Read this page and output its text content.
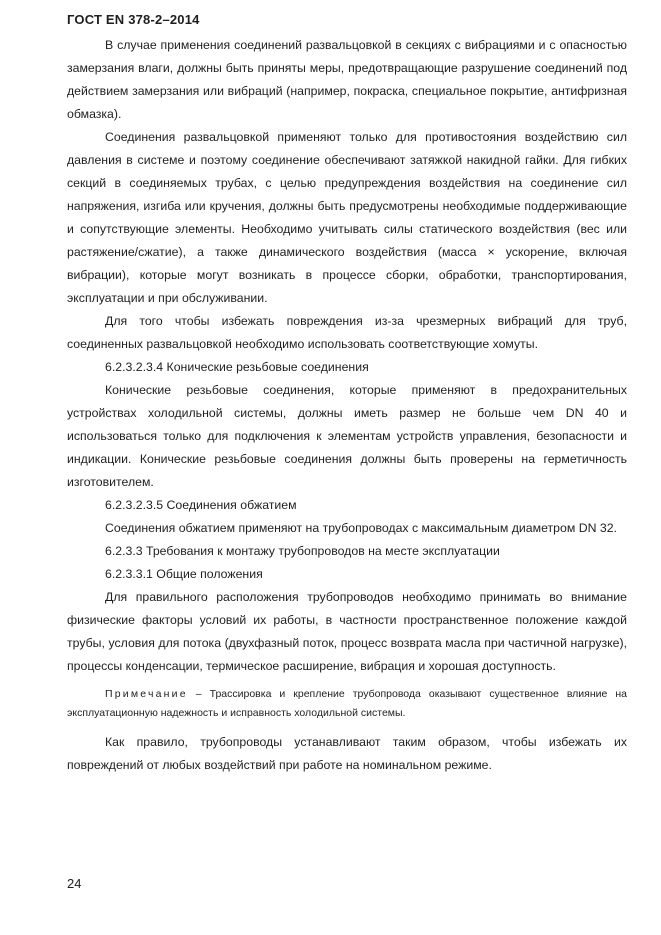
ГОСТ EN 378-2–2014

В случае применения соединений развальцовкой в секциях с вибрациями и с опасностью замерзания влаги, должны быть приняты меры, предотвращающие разрушение соединений под действием замерзания или вибраций (например, покраска, специальное покрытие, антифризная обмазка).

Соединения развальцовкой применяют только для противостояния воздействию сил давления в системе и поэтому соединение обеспечивают затяжкой накидной гайки. Для гибких секций в соединяемых трубах, с целью предупреждения воздействия на соединение сил напряжения, изгиба или кручения, должны быть предусмотрены необходимые поддерживающие и сопутствующие элементы. Необходимо учитывать силы статического воздействия (вес или растяжение/сжатие), а также динамического воздействия (масса × ускорение, включая вибрации), которые могут возникать в процессе сборки, обработки, транспортирования, эксплуатации и при обслуживании.

Для того чтобы избежать повреждения из-за чрезмерных вибраций для труб, соединенных развальцовкой необходимо использовать соответствующие хомуты.

6.2.3.2.3.4 Конические резьбовые соединения

Конические резьбовые соединения, которые применяют в предохранительных устройствах холодильной системы, должны иметь размер не больше чем DN 40 и использоваться только для подключения к элементам устройств управления, безопасности и индикации. Конические резьбовые соединения должны быть проверены на герметичность изготовителем.

6.2.3.2.3.5 Соединения обжатием

Соединения обжатием применяют на трубопроводах с максимальным диаметром DN 32.

6.2.3.3 Требования к монтажу трубопроводов на месте эксплуатации

6.2.3.3.1 Общие положения

Для правильного расположения трубопроводов необходимо принимать во внимание физические факторы условий их работы, в частности пространственное положение каждой трубы, условия для потока (двухфазный поток, процесс возврата масла при частичной нагрузке), процессы конденсации, термическое расширение, вибрация и хорошая доступность.

Примечание – Трассировка и крепление трубопровода оказывают существенное влияние на эксплуатационную надежность и исправность холодильной системы.

Как правило, трубопроводы устанавливают таким образом, чтобы избежать их повреждений от любых воздействий при работе на номинальном режиме.

24
